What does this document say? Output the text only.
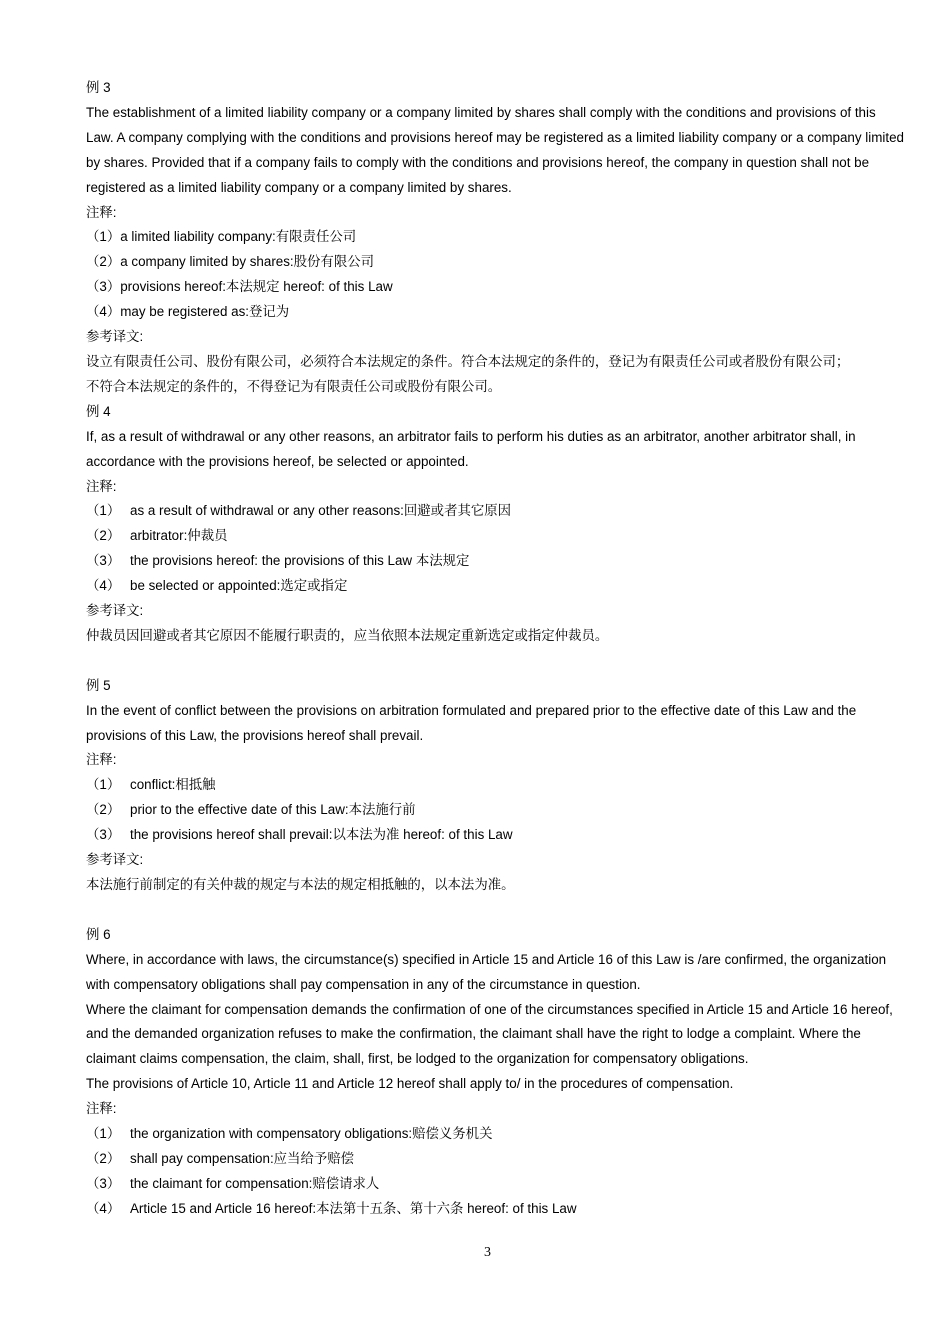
例 3
The establishment of a limited liability company or a company limited by shares shall comply with the conditions and provisions of this Law. A company complying with the conditions and provisions hereof may be registered as a limited liability company or a company limited by shares. Provided that if a company fails to comply with the conditions and provisions hereof, the company in question shall not be registered as a limited liability company or a company limited by shares.
注释:
（1）a limited liability company:有限责任公司
（2）a company limited by shares:股份有限公司
（3）provisions hereof:本法规定 hereof: of this Law
（4）may be registered as:登记为
参考译文:
设立有限责任公司、股份有限公司，必须符合本法规定的条件。符合本法规定的条件的，登记为有限责任公司或者股份有限公司；
不符合本法规定的条件的，不得登记为有限责任公司或股份有限公司。
例 4
If, as a result of withdrawal or any other reasons, an arbitrator fails to perform his duties as an arbitrator, another arbitrator shall, in accordance with the provisions hereof, be selected or appointed.
注释:
（1） as a result of withdrawal or any other reasons:回避或者其它原因
（2） arbitrator:仲裁员
（3） the provisions hereof: the provisions of this Law 本法规定
（4） be selected or appointed:选定或指定
参考译文:
仲裁员因回避或者其它原因不能履行职责的，应当依照本法规定重新选定或指定仲裁员。
例 5
In the event of conflict between the provisions on arbitration formulated and prepared prior to the effective date of this Law and the provisions of this Law, the provisions hereof shall prevail.
注释:
（1） conflict:相抵触
（2） prior to the effective date of this Law:本法施行前
（3） the provisions hereof shall prevail:以本法为准 hereof: of this Law
参考译文:
本法施行前制定的有关仲裁的规定与本法的规定相抵触的，以本法为准。
例 6
Where, in accordance with laws, the circumstance(s) specified in Article 15 and Article 16 of this Law is /are confirmed, the organization with compensatory obligations shall pay compensation in any of the circumstance in question.
Where the claimant for compensation demands the confirmation of one of the circumstances specified in Article 15 and Article 16 hereof, and the demanded organization refuses to make the confirmation, the claimant shall have the right to lodge a complaint. Where the claimant claims compensation, the claim, shall, first, be lodged to the organization for compensatory obligations.
The provisions of Article 10, Article 11 and Article 12 hereof shall apply to/ in the procedures of compensation.
注释:
（1） the organization with compensatory obligations:赔偿义务机关
（2） shall pay compensation:应当给予赔偿
（3） the claimant for compensation:赔偿请求人
（4） Article 15 and Article 16 hereof:本法第十五条、第十六条 hereof: of this Law
3
